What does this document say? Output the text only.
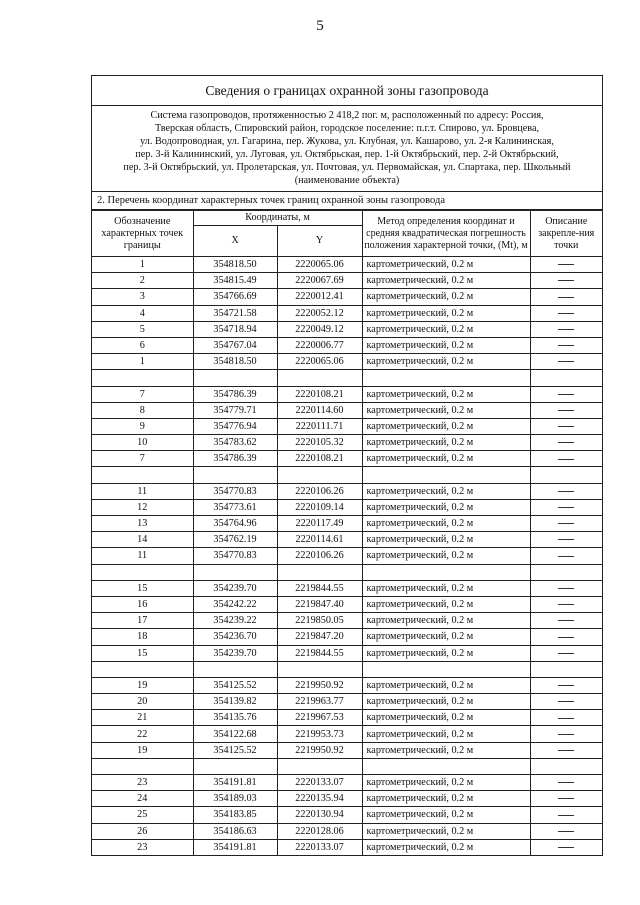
5
Сведения о границах охранной зоны газопровода
Система газопроводов, протяженностью 2 418,2 пог. м, расположенный по адресу: Россия,
Тверская область, Спировский район, городское поселение: п.г.т. Спирово, ул. Бровцева,
ул. Водопроводная, ул. Гагарина, пер. Жукова, ул. Клубная, ул. Кашарово, ул. 2-я Калининская,
пер. 3-й Калининский, ул. Луговая, ул. Октябрьская, пер. 1-й Октябрьский, пер. 2-й Октябрьский,
пер. 3-й Октябрьский, ул. Пролетарская, ул. Почтовая, ул. Первомайская, ул. Спартака, пер. Школьный
(наименование объекта)
2. Перечень координат характерных точек границ охранной зоны газопровода
Обозначение характерных точек границы	Координаты, м		Метод определения координат и средняя квадратическая погрешность положения характерной точки, (Mt), м	Описание закрепле-ния точки
	X	Y		
1	354818.50	2220065.06	картометрический, 0.2 м	
2	354815.49	2220067.69	картометрический, 0.2 м	
3	354766.69	2220012.41	картометрический, 0.2 м	
4	354721.58	2220052.12	картометрический, 0.2 м	
5	354718.94	2220049.12	картометрический, 0.2 м	
6	354767.04	2220006.77	картометрический, 0.2 м	
1	354818.50	2220065.06	картометрический, 0.2 м	

7	354786.39	2220108.21	картометрический, 0.2 м	
8	354779.71	2220114.60	картометрический, 0.2 м	
9	354776.94	2220111.71	картометрический, 0.2 м	
10	354783.62	2220105.32	картометрический, 0.2 м	
7	354786.39	2220108.21	картометрический, 0.2 м	

11	354770.83	2220106.26	картометрический, 0.2 м	
12	354773.61	2220109.14	картометрический, 0.2 м	
13	354764.96	2220117.49	картометрический, 0.2 м	
14	354762.19	2220114.61	картометрический, 0.2 м	
11	354770.83	2220106.26	картометрический, 0.2 м	

15	354239.70	2219844.55	картометрический, 0.2 м	
16	354242.22	2219847.40	картометрический, 0.2 м	
17	354239.22	2219850.05	картометрический, 0.2 м	
18	354236.70	2219847.20	картометрический, 0.2 м	
15	354239.70	2219844.55	картометрический, 0.2 м	

19	354125.52	2219950.92	картометрический, 0.2 м	
20	354139.82	2219963.77	картометрический, 0.2 м	
21	354135.76	2219967.53	картометрический, 0.2 м	
22	354122.68	2219953.73	картометрический, 0.2 м	
19	354125.52	2219950.92	картометрический, 0.2 м	

23	354191.81	2220133.07	картометрический, 0.2 м	
24	354189.03	2220135.94	картометрический, 0.2 м	
25	354183.85	2220130.94	картометрический, 0.2 м	
26	354186.63	2220128.06	картометрический, 0.2 м	
23	354191.81	2220133.07	картометрический, 0.2 м	
